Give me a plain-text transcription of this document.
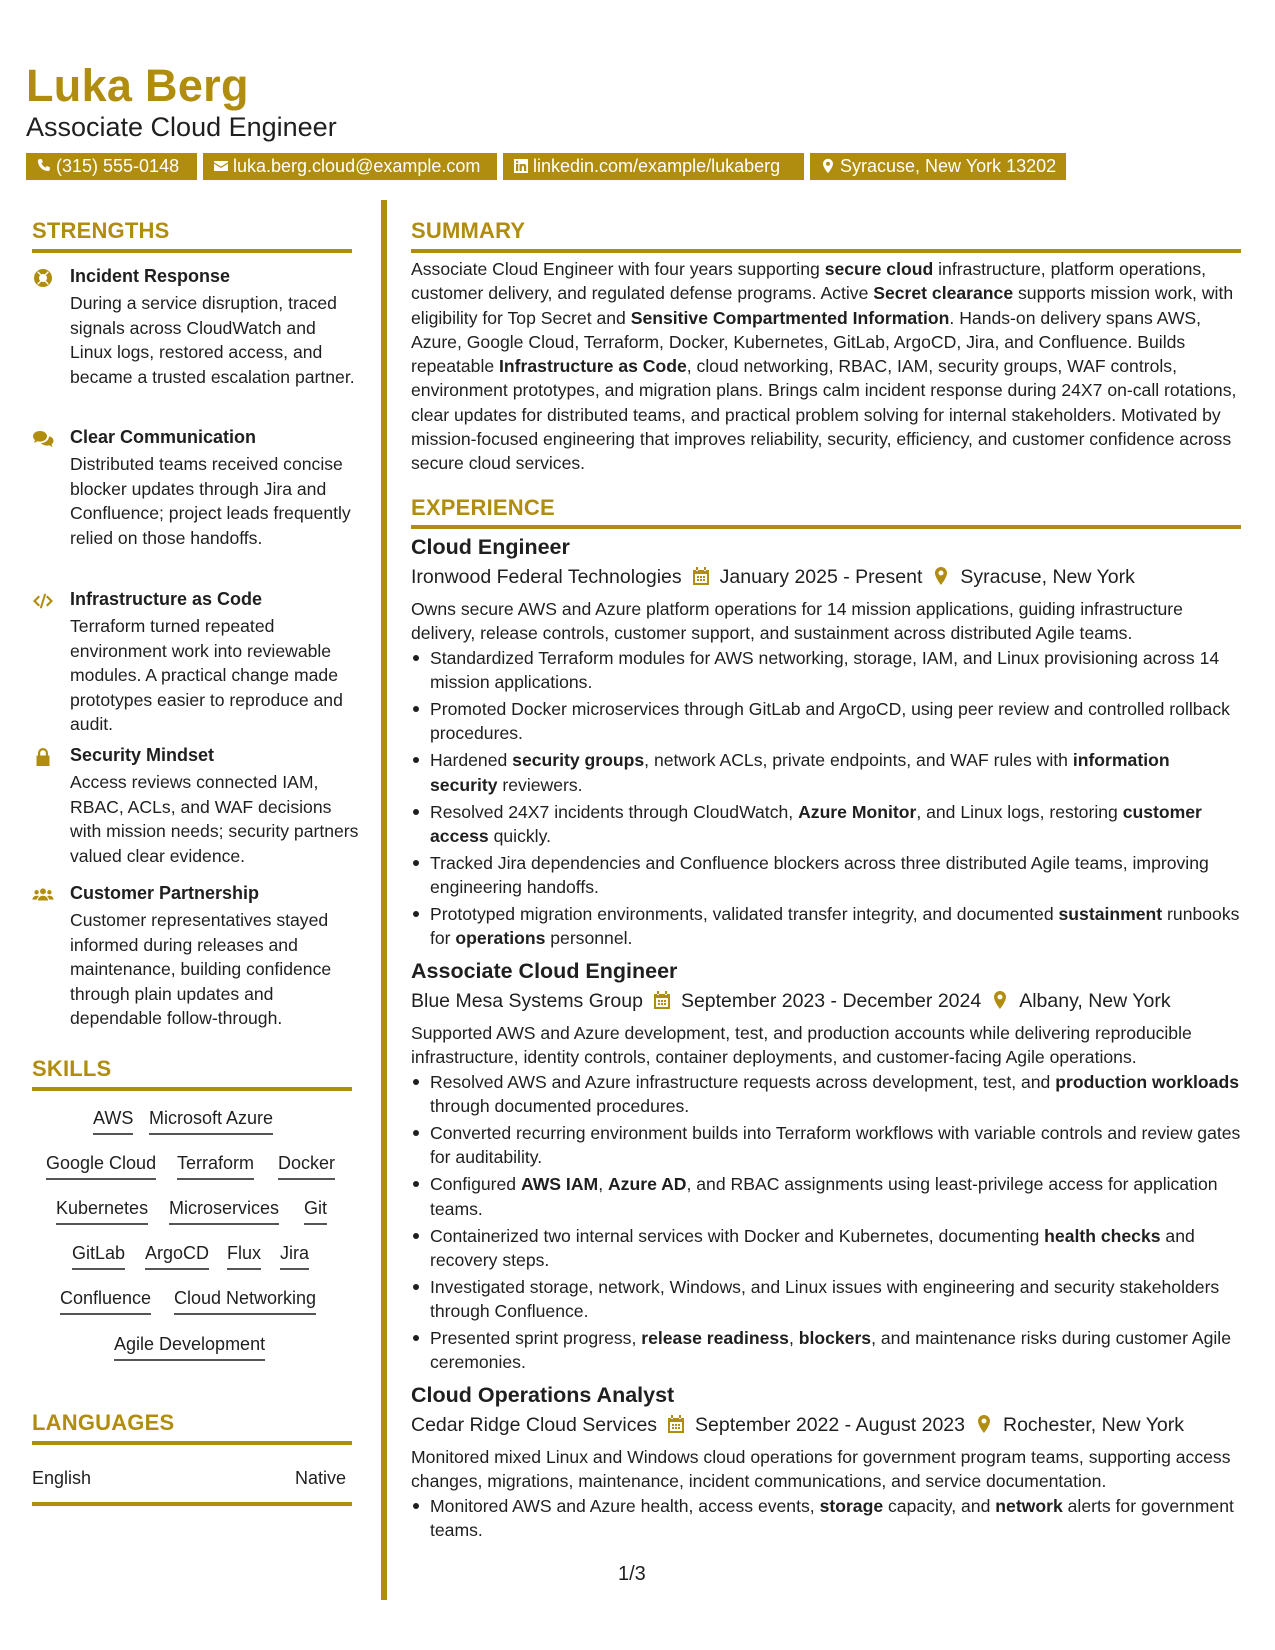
Luka Berg
Associate Cloud Engineer
(315) 555-0148	luka.berg.cloud@example.com	linkedin.com/example/lukaberg	Syracuse, New York 13202
STRENGTHS
Incident Response
During a service disruption, traced signals across CloudWatch and Linux logs, restored access, and became a trusted escalation partner.
Clear Communication
Distributed teams received concise blocker updates through Jira and Confluence; project leads frequently relied on those handoffs.
Infrastructure as Code
Terraform turned repeated environment work into reviewable modules. A practical change made prototypes easier to reproduce and audit.
Security Mindset
Access reviews connected IAM, RBAC, ACLs, and WAF decisions with mission needs; security partners valued clear evidence.
Customer Partnership
Customer representatives stayed informed during releases and maintenance, building confidence through plain updates and dependable follow-through.
SKILLS
AWS Microsoft Azure
Google Cloud Terraform Docker
Kubernetes Microservices Git
GitLab ArgoCD Flux Jira
Confluence Cloud Networking
Agile Development
LANGUAGES
English	Native
SUMMARY
Associate Cloud Engineer with four years supporting secure cloud infrastructure, platform operations, customer delivery, and regulated defense programs. Active Secret clearance supports mission work, with eligibility for Top Secret and Sensitive Compartmented Information. Hands-on delivery spans AWS, Azure, Google Cloud, Terraform, Docker, Kubernetes, GitLab, ArgoCD, Jira, and Confluence. Builds repeatable Infrastructure as Code, cloud networking, RBAC, IAM, security groups, WAF controls, environment prototypes, and migration plans. Brings calm incident response during 24X7 on-call rotations, clear updates for distributed teams, and practical problem solving for internal stakeholders. Motivated by mission-focused engineering that improves reliability, security, efficiency, and customer confidence across secure cloud services.
EXPERIENCE
Cloud Engineer
Ironwood Federal Technologies January 2025 - Present Syracuse, New York
Owns secure AWS and Azure platform operations for 14 mission applications, guiding infrastructure delivery, release controls, customer support, and sustainment across distributed Agile teams.
Standardized Terraform modules for AWS networking, storage, IAM, and Linux provisioning across 14 mission applications.
Promoted Docker microservices through GitLab and ArgoCD, using peer review and controlled rollback procedures.
Hardened security groups, network ACLs, private endpoints, and WAF rules with information security reviewers.
Resolved 24X7 incidents through CloudWatch, Azure Monitor, and Linux logs, restoring customer access quickly.
Tracked Jira dependencies and Confluence blockers across three distributed Agile teams, improving engineering handoffs.
Prototyped migration environments, validated transfer integrity, and documented sustainment runbooks for operations personnel.
Associate Cloud Engineer
Blue Mesa Systems Group September 2023 - December 2024 Albany, New York
Supported AWS and Azure development, test, and production accounts while delivering reproducible infrastructure, identity controls, container deployments, and customer-facing Agile operations.
Resolved AWS and Azure infrastructure requests across development, test, and production workloads through documented procedures.
Converted recurring environment builds into Terraform workflows with variable controls and review gates for auditability.
Configured AWS IAM, Azure AD, and RBAC assignments using least-privilege access for application teams.
Containerized two internal services with Docker and Kubernetes, documenting health checks and recovery steps.
Investigated storage, network, Windows, and Linux issues with engineering and security stakeholders through Confluence.
Presented sprint progress, release readiness, blockers, and maintenance risks during customer Agile ceremonies.
Cloud Operations Analyst
Cedar Ridge Cloud Services September 2022 - August 2023 Rochester, New York
Monitored mixed Linux and Windows cloud operations for government program teams, supporting access changes, migrations, maintenance, incident communications, and service documentation.
Monitored AWS and Azure health, access events, storage capacity, and network alerts for government teams.
1/3
